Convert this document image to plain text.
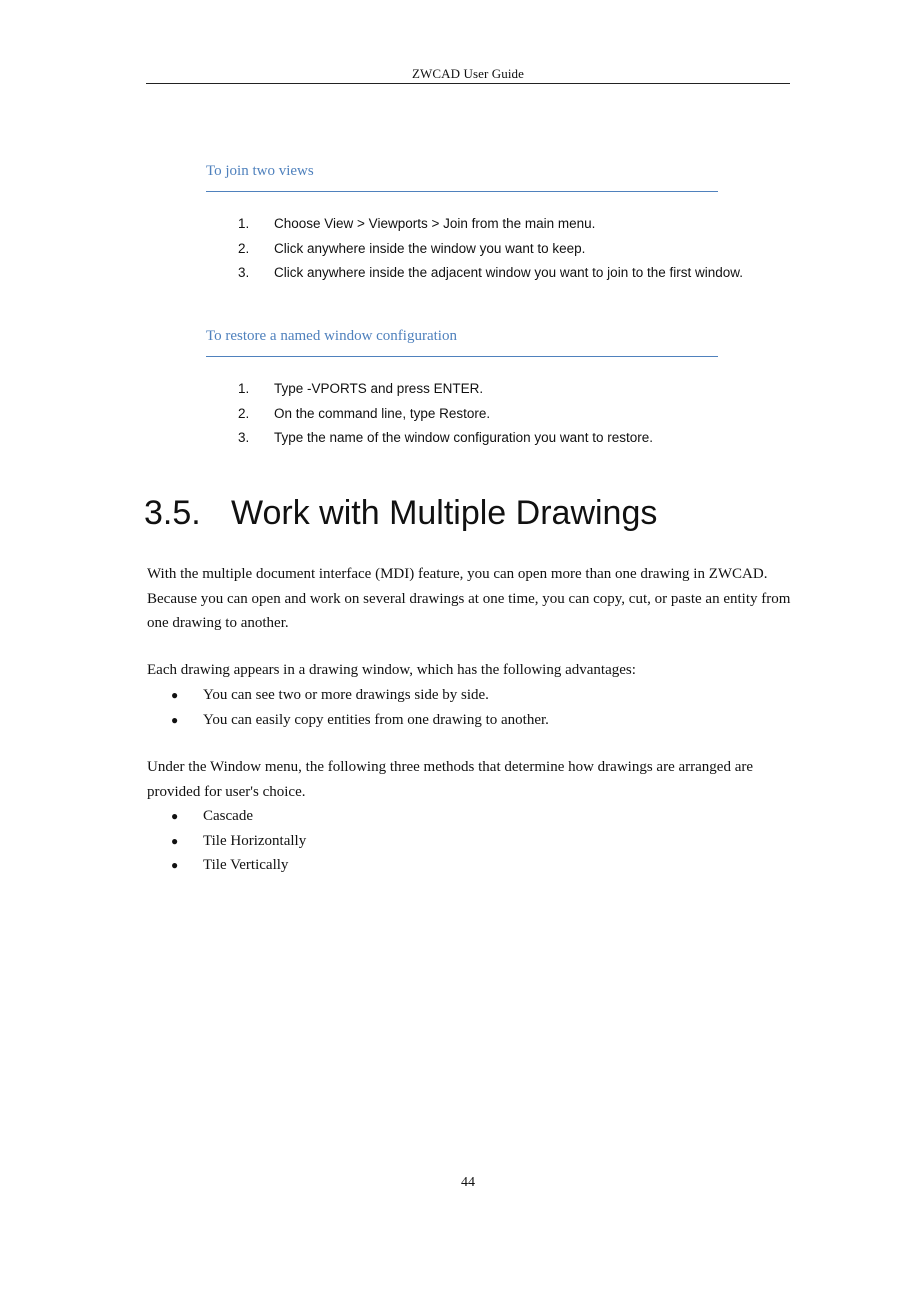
ZWCAD User Guide
To join two views
1. Choose View > Viewports > Join from the main menu.
2. Click anywhere inside the window you want to keep.
3. Click anywhere inside the adjacent window you want to join to the first window.
To restore a named window configuration
1. Type -VPORTS and press ENTER.
2. On the command line, type Restore.
3. Type the name of the window configuration you want to restore.
3.5. Work with Multiple Drawings

With the multiple document interface (MDI) feature, you can open more than one drawing in ZWCAD. Because you can open and work on several drawings at one time, you can copy, cut, or paste an entity from one drawing to another.

Each drawing appears in a drawing window, which has the following advantages:

● You can see two or more drawings side by side.
● You can easily copy entities from one drawing to another.

Under the Window menu, the following three methods that determine how drawings are arranged are provided for user's choice.

● Cascade
● Tile Horizontally
● Tile Vertically
44
